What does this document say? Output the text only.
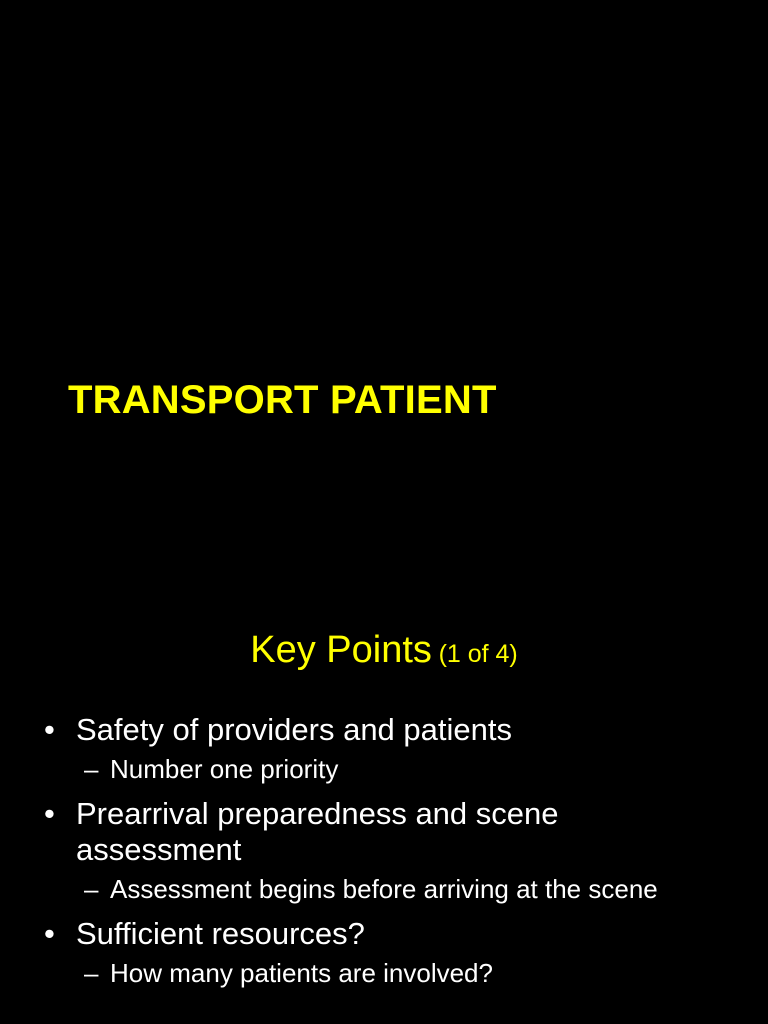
TRANSPORT PATIENT
Key Points (1 of 4)
• Safety of providers and patients
– Number one priority
• Prearrival preparedness and scene assessment
– Assessment begins before arriving at the scene
• Sufficient resources?
– How many patients are involved?
